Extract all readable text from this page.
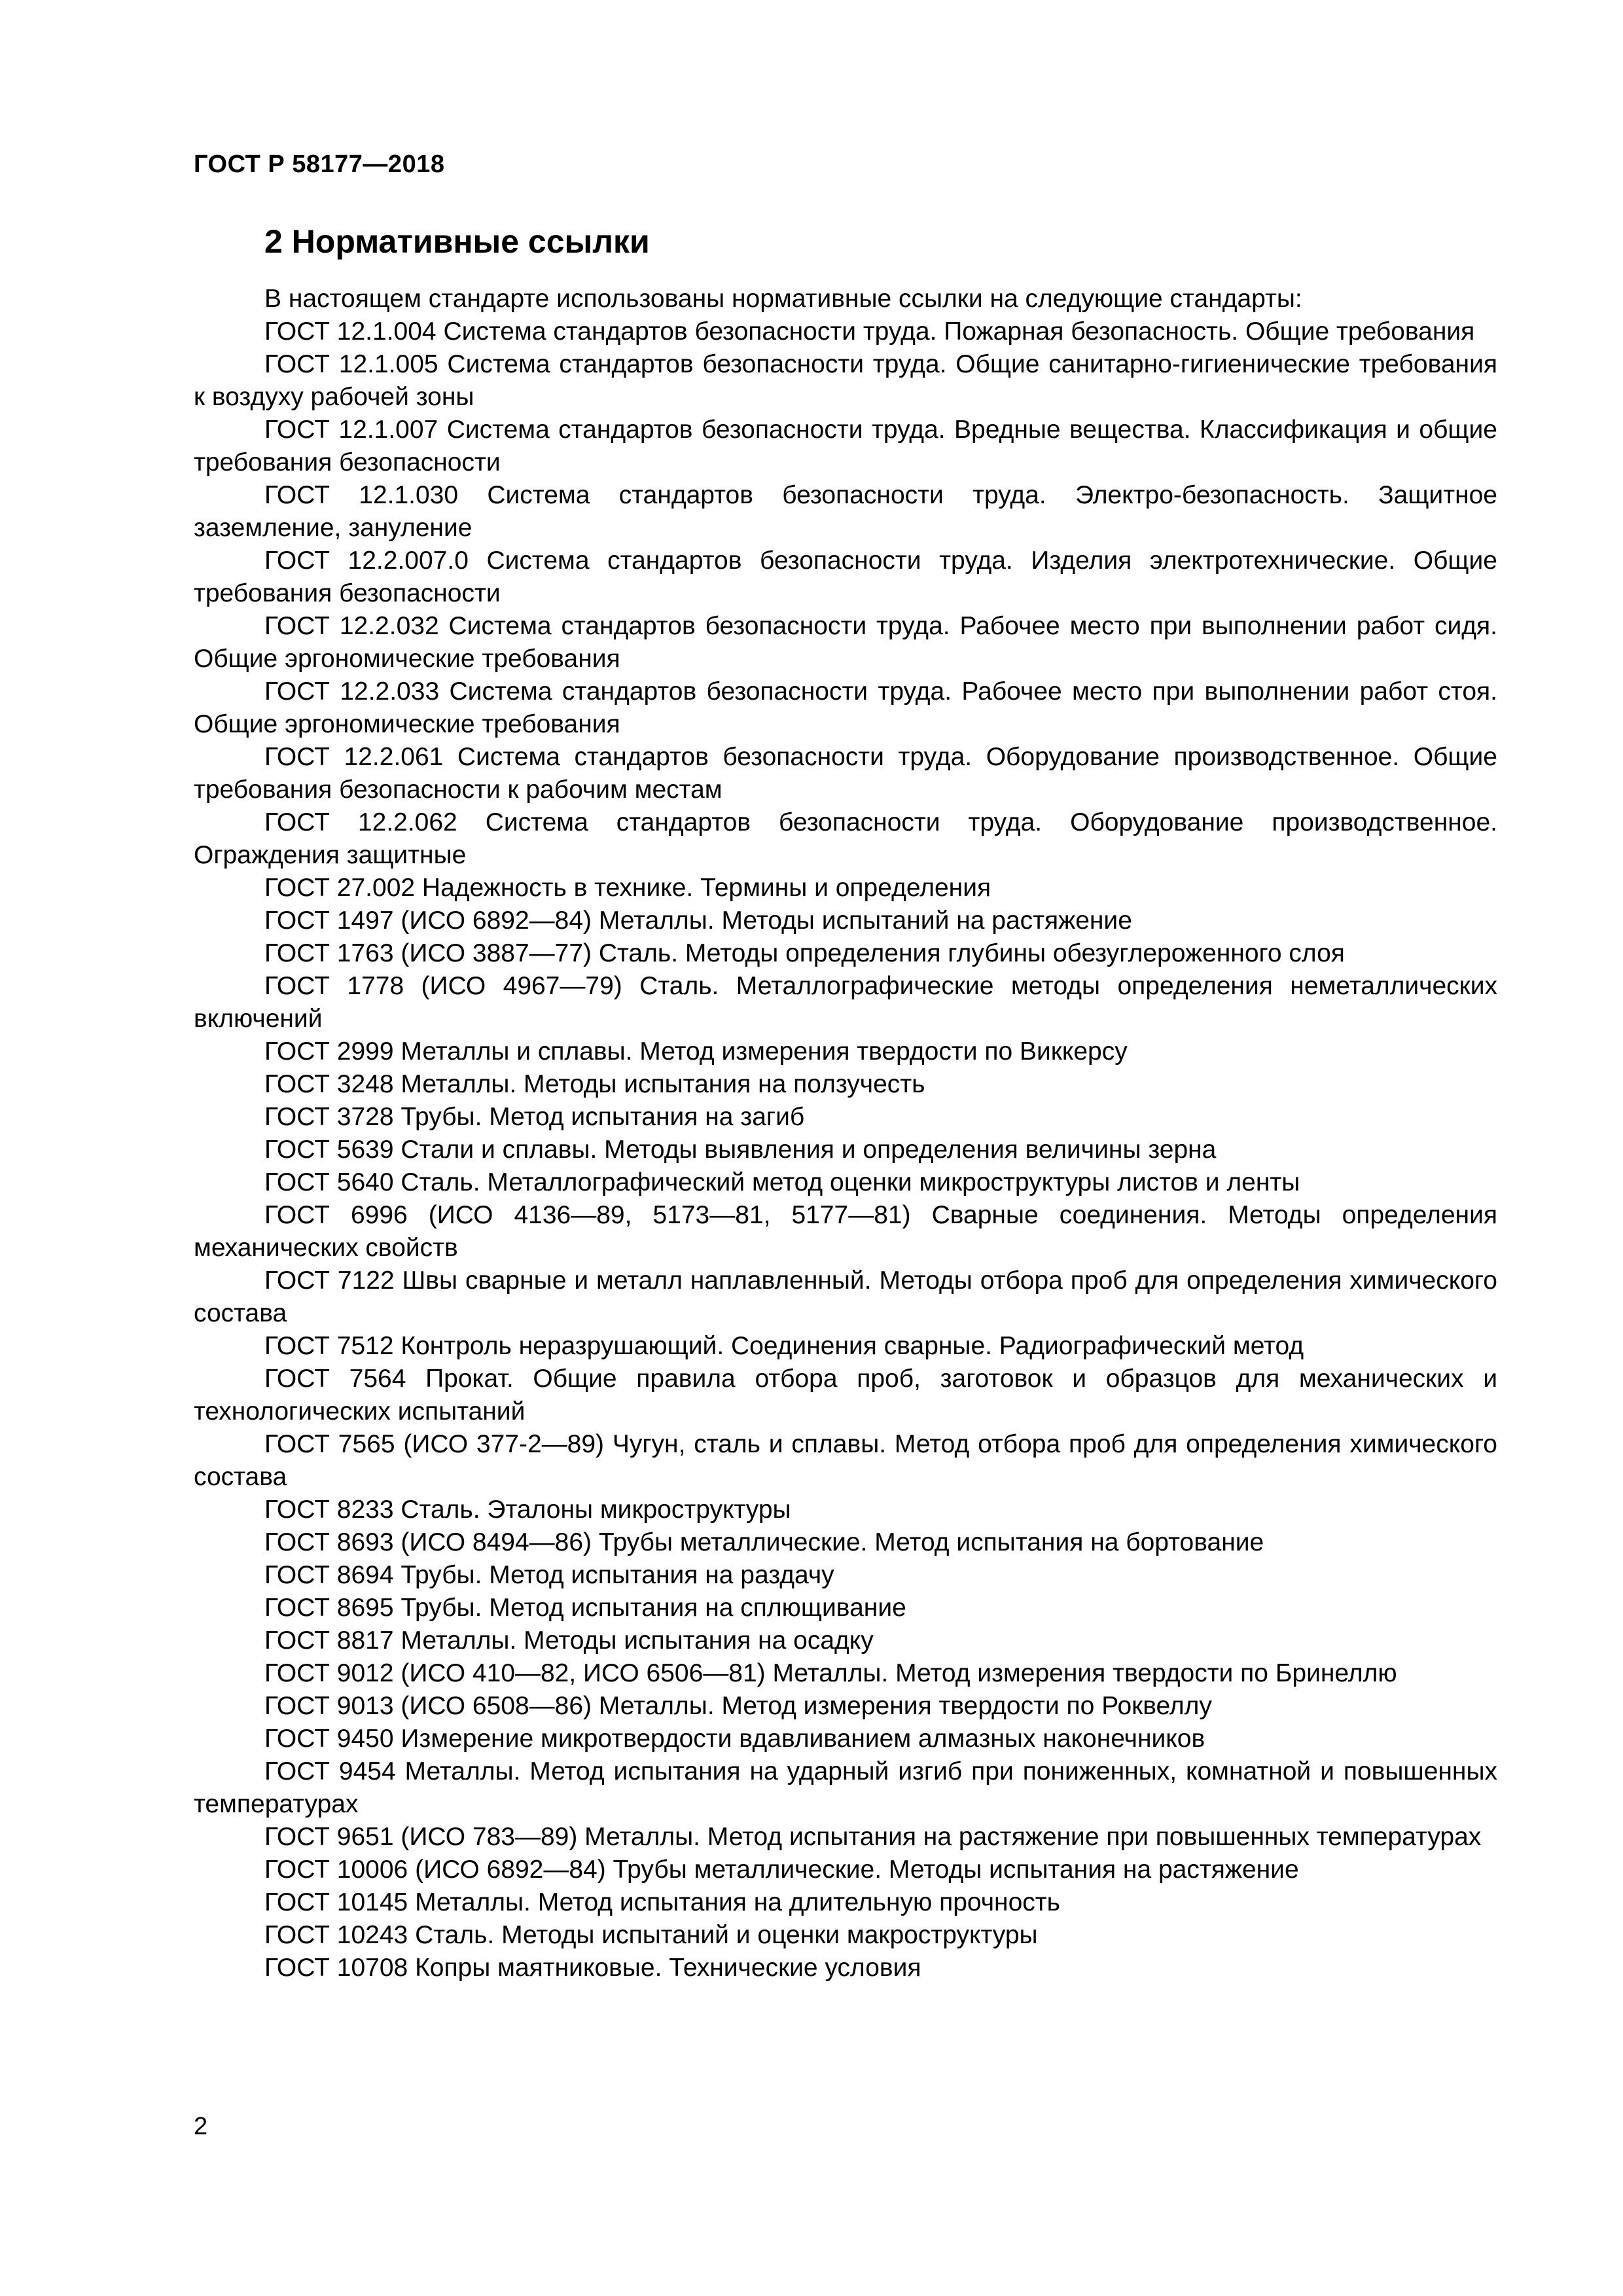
ГОСТ Р 58177—2018
2 Нормативные ссылки

В настоящем стандарте использованы нормативные ссылки на следующие стандарты:

ГОСТ 12.1.004 Система стандартов безопасности труда. Пожарная безопасность. Общие требования

ГОСТ 12.1.005 Система стандартов безопасности труда. Общие санитарно-гигиенические требования к воздуху рабочей зоны

ГОСТ 12.1.007 Система стандартов безопасности труда. Вредные вещества. Классификация и общие требования безопасности

ГОСТ 12.1.030 Система стандартов безопасности труда. Электро-безопасность. Защитное заземление, зануление

ГОСТ 12.2.007.0 Система стандартов безопасности труда. Изделия электротехнические. Общие требования безопасности

ГОСТ 12.2.032 Система стандартов безопасности труда. Рабочее место при выполнении работ сидя. Общие эргономические требования

ГОСТ 12.2.033 Система стандартов безопасности труда. Рабочее место при выполнении работ стоя. Общие эргономические требования

ГОСТ 12.2.061 Система стандартов безопасности труда. Оборудование производственное. Общие требования безопасности к рабочим местам

ГОСТ 12.2.062 Система стандартов безопасности труда. Оборудование производственное. Ограждения защитные

ГОСТ 27.002 Надежность в технике. Термины и определения

ГОСТ 1497 (ИСО 6892—84) Металлы. Методы испытаний на растяжение

ГОСТ 1763 (ИСО 3887—77) Сталь. Методы определения глубины обезуглероженного слоя

ГОСТ 1778 (ИСО 4967—79) Сталь. Металлографические методы определения неметаллических включений

ГОСТ 2999 Металлы и сплавы. Метод измерения твердости по Виккерсу

ГОСТ 3248 Металлы. Методы испытания на ползучесть

ГОСТ 3728 Трубы. Метод испытания на загиб

ГОСТ 5639 Стали и сплавы. Методы выявления и определения величины зерна

ГОСТ 5640 Сталь. Металлографический метод оценки микроструктуры листов и ленты

ГОСТ 6996 (ИСО 4136—89, 5173—81, 5177—81) Сварные соединения. Методы определения механических свойств

ГОСТ 7122 Швы сварные и металл наплавленный. Методы отбора проб для определения химического состава

ГОСТ 7512 Контроль неразрушающий. Соединения сварные. Радиографический метод

ГОСТ 7564 Прокат. Общие правила отбора проб, заготовок и образцов для механических и технологических испытаний

ГОСТ 7565 (ИСО 377-2—89) Чугун, сталь и сплавы. Метод отбора проб для определения химического состава

ГОСТ 8233 Сталь. Эталоны микроструктуры

ГОСТ 8693 (ИСО 8494—86) Трубы металлические. Метод испытания на бортование

ГОСТ 8694 Трубы. Метод испытания на раздачу

ГОСТ 8695 Трубы. Метод испытания на сплющивание

ГОСТ 8817 Металлы. Методы испытания на осадку

ГОСТ 9012 (ИСО 410—82, ИСО 6506—81) Металлы. Метод измерения твердости по Бринеллю

ГОСТ 9013 (ИСО 6508—86) Металлы. Метод измерения твердости по Роквеллу

ГОСТ 9450 Измерение микротвердости вдавливанием алмазных наконечников

ГОСТ 9454 Металлы. Метод испытания на ударный изгиб при пониженных, комнатной и повышенных температурах

ГОСТ 9651 (ИСО 783—89) Металлы. Метод испытания на растяжение при повышенных температурах

ГОСТ 10006 (ИСО 6892—84) Трубы металлические. Методы испытания на растяжение

ГОСТ 10145 Металлы. Метод испытания на длительную прочность

ГОСТ 10243 Сталь. Методы испытаний и оценки макроструктуры

ГОСТ 10708 Копры маятниковые. Технические условия

2
